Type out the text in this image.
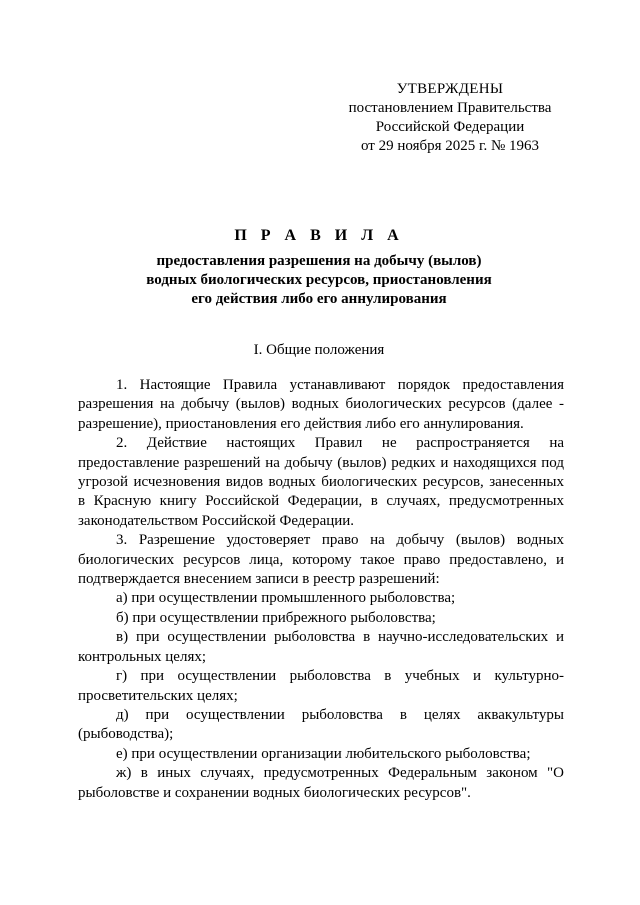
УТВЕРЖДЕНЫ
постановлением Правительства
Российской Федерации
от 29 ноября 2025 г. № 1963
П Р А В И Л А
предоставления разрешения на добычу (вылов)
водных биологических ресурсов, приостановления
его действия либо его аннулирования
I. Общие положения

1. Настоящие Правила устанавливают порядок предоставления разрешения на добычу (вылов) водных биологических ресурсов (далее - разрешение), приостановления его действия либо его аннулирования.

2. Действие настоящих Правил не распространяется на предоставление разрешений на добычу (вылов) редких и находящихся под угрозой исчезновения видов водных биологических ресурсов, занесенных в Красную книгу Российской Федерации, в случаях, предусмотренных законодательством Российской Федерации.

3. Разрешение удостоверяет право на добычу (вылов) водных биологических ресурсов лица, которому такое право предоставлено, и подтверждается внесением записи в реестр разрешений:

а) при осуществлении промышленного рыболовства;

б) при осуществлении прибрежного рыболовства;

в) при осуществлении рыболовства в научно-исследовательских и контрольных целях;

г) при осуществлении рыболовства в учебных и культурно-просветительских целях;

д) при осуществлении рыболовства в целях аквакультуры (рыбоводства);

е) при осуществлении организации любительского рыболовства;

ж) в иных случаях, предусмотренных Федеральным законом "О рыболовстве и сохранении водных биологических ресурсов".
